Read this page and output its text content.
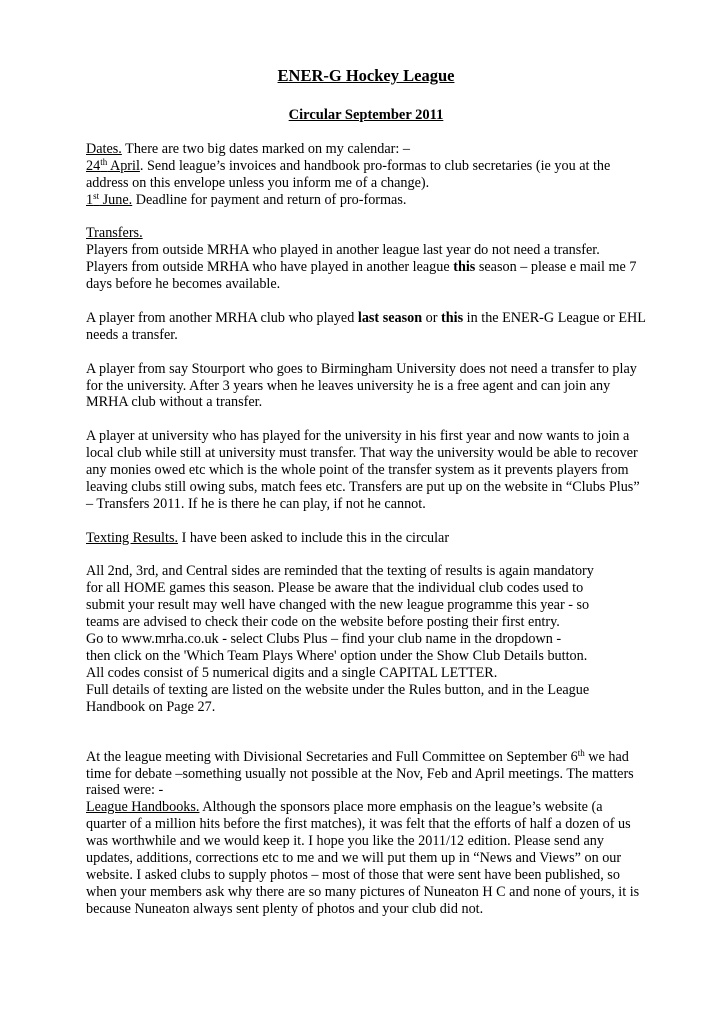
ENER-G Hockey League

Circular September 2011

Dates. There are two big dates marked on my calendar: –

24th April. Send league’s invoices and handbook pro-formas to club secretaries (ie you at the address on this envelope unless you inform me of a change).

1st June. Deadline for payment and return of pro-formas.

Transfers.

Players from outside MRHA who played in another league last year do not need a transfer.

Players from outside MRHA who have played in another league this season – please e mail me 7 days before he becomes available.

A player from another MRHA club who played last season or this in the ENER-G League or EHL needs a transfer.

A player from say Stourport who goes to Birmingham University does not need a transfer to play for the university. After 3 years when he leaves university he is a free agent and can join any MRHA club without a transfer.

A player at university who has played for the university in his first year and now wants to join a local club while still at university must transfer. That way the university would be able to recover any monies owed etc which is the whole point of the transfer system as it prevents players from leaving clubs still owing subs, match fees etc. Transfers are put up on the website in “Clubs Plus” – Transfers 2011. If he is there he can play, if not he cannot.

Texting Results. I have been asked to include this in the circular

All 2nd, 3rd, and Central sides are reminded that the texting of results is again mandatory

for all HOME games this season. Please be aware that the individual club codes used to

submit your result may well have changed with the new league programme this year - so

teams are advised to check their code on the website before posting their first entry.

Go to www.mrha.co.uk - select Clubs Plus – find your club name in the dropdown -

then click on the 'Which Team Plays Where' option under the Show Club Details button.

All codes consist of 5 numerical digits and a single CAPITAL LETTER.

Full details of texting are listed on the website under the Rules button, and in the League

Handbook on Page 27.

At the league meeting with Divisional Secretaries and Full Committee on September 6th we had time for debate –something usually not possible at the Nov, Feb and April meetings. The matters raised were: -

League Handbooks. Although the sponsors place more emphasis on the league’s website (a quarter of a million hits before the first matches), it was felt that the efforts of half a dozen of us was worthwhile and we would keep it. I hope you like the 2011/12 edition. Please send any updates, additions, corrections etc to me and we will put them up in “News and Views” on our website. I asked clubs to supply photos – most of those that were sent have been published, so when your members ask why there are so many pictures of Nuneaton H C and none of yours, it is because Nuneaton always sent plenty of photos and your club did not.
